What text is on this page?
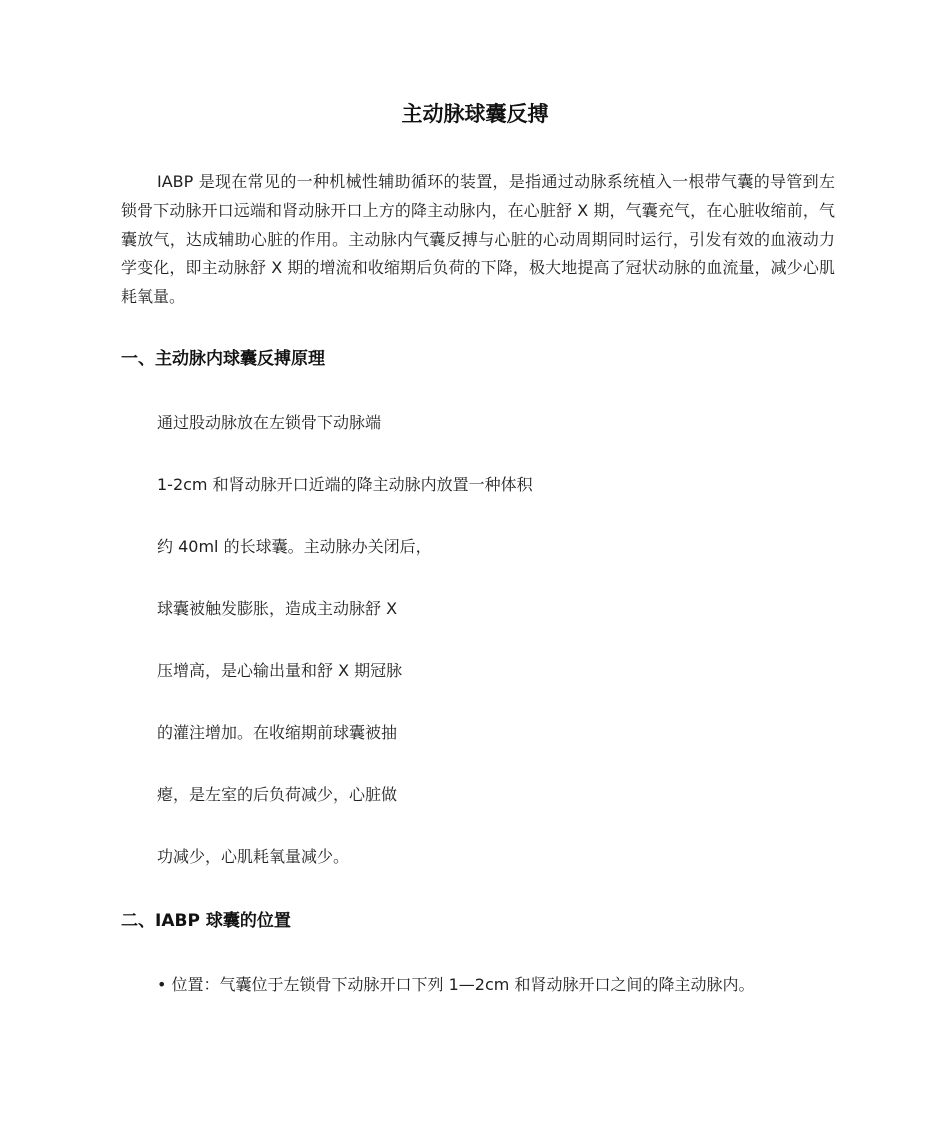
主动脉球囊反搏

IABP 是现在常见的一种机械性辅助循环的装置，是指通过动脉系统植入一根带气囊的导管到左锁骨下动脉开口远端和肾动脉开口上方的降主动脉内，在心脏舒 X 期，气囊充气，在心脏收缩前，气囊放气，达成辅助心脏的作用。主动脉内气囊反搏与心脏的心动周期同时运行，引发有效的血液动力学变化，即主动脉舒 X 期的增流和收缩期后负荷的下降，极大地提高了冠状动脉的血流量，减少心肌耗氧量。

一、主动脉内球囊反搏原理
通过股动脉放在左锁骨下动脉端
1-2cm 和肾动脉开口近端的降主动脉内放置一种体积
约 40ml 的长球囊。主动脉办关闭后，
球囊被触发膨胀，造成主动脉舒 X
压增高，是心输出量和舒 X 期冠脉
的灌注增加。在收缩期前球囊被抽
瘪，是左室的后负荷减少，心脏做
功减少，心肌耗氧量减少。
二、IABP 球囊的位置
• 位置：气囊位于左锁骨下动脉开口下列 1—2cm 和肾动脉开口之间的降主动脉内。
